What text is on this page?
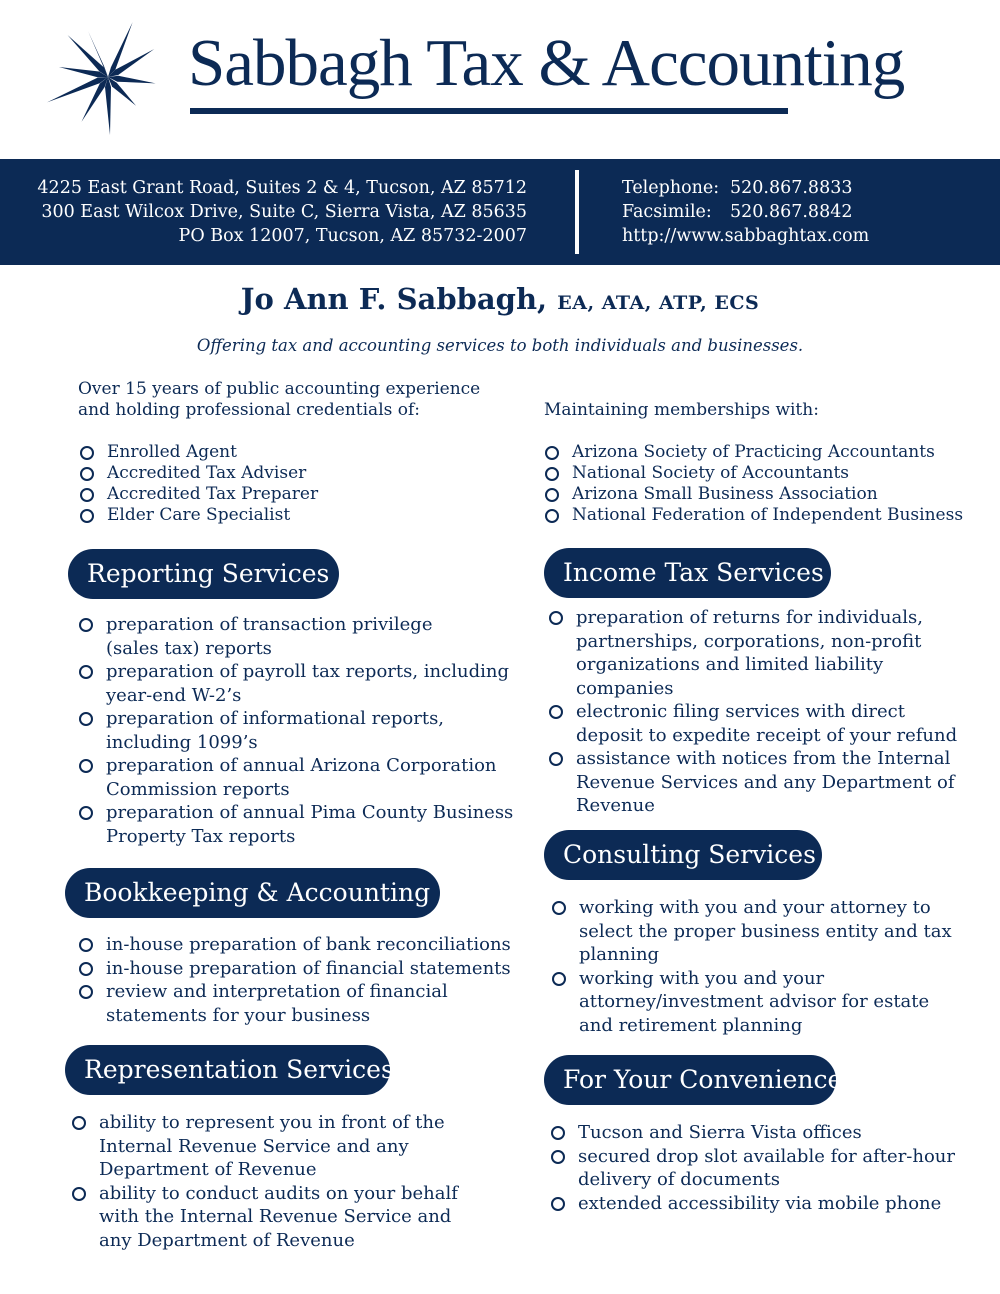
Sabbagh Tax & Accounting
4225 East Grant Road, Suites 2 & 4, Tucson, AZ 85712
300 East Wilcox Drive, Suite C, Sierra Vista, AZ 85635
PO Box 12007, Tucson, AZ 85732-2007
Telephone: 520.867.8833
Facsimile: 520.867.8842
http://www.sabbaghtax.com
Jo Ann F. Sabbagh, EA, ATA, ATP, ECS
Offering tax and accounting services to both individuals and businesses.
Over 15 years of public accounting experience
and holding professional credentials of:
Enrolled Agent
Accredited Tax Adviser
Accredited Tax Preparer
Elder Care Specialist
Maintaining memberships with:
Arizona Society of Practicing Accountants
National Society of Accountants
Arizona Small Business Association
National Federation of Independent Business
Reporting Services
preparation of transaction privilege
(sales tax) reports
preparation of payroll tax reports, including
year-end W-2’s
preparation of informational reports,
including 1099’s
preparation of annual Arizona Corporation
Commission reports
preparation of annual Pima County Business
Property Tax reports
Income Tax Services
preparation of returns for individuals,
partnerships, corporations, non-profit
organizations and limited liability
companies
electronic filing services with direct
deposit to expedite receipt of your refund
assistance with notices from the Internal
Revenue Services and any Department of
Revenue
Bookkeeping & Accounting
in-house preparation of bank reconciliations
in-house preparation of financial statements
review and interpretation of financial
statements for your business
Consulting Services
working with you and your attorney to
select the proper business entity and tax
planning
working with you and your
attorney/investment advisor for estate
and retirement planning
Representation Services
ability to represent you in front of the
Internal Revenue Service and any
Department of Revenue
ability to conduct audits on your behalf
with the Internal Revenue Service and
any Department of Revenue
For Your Convenience
Tucson and Sierra Vista offices
secured drop slot available for after-hour
delivery of documents
extended accessibility via mobile phone
